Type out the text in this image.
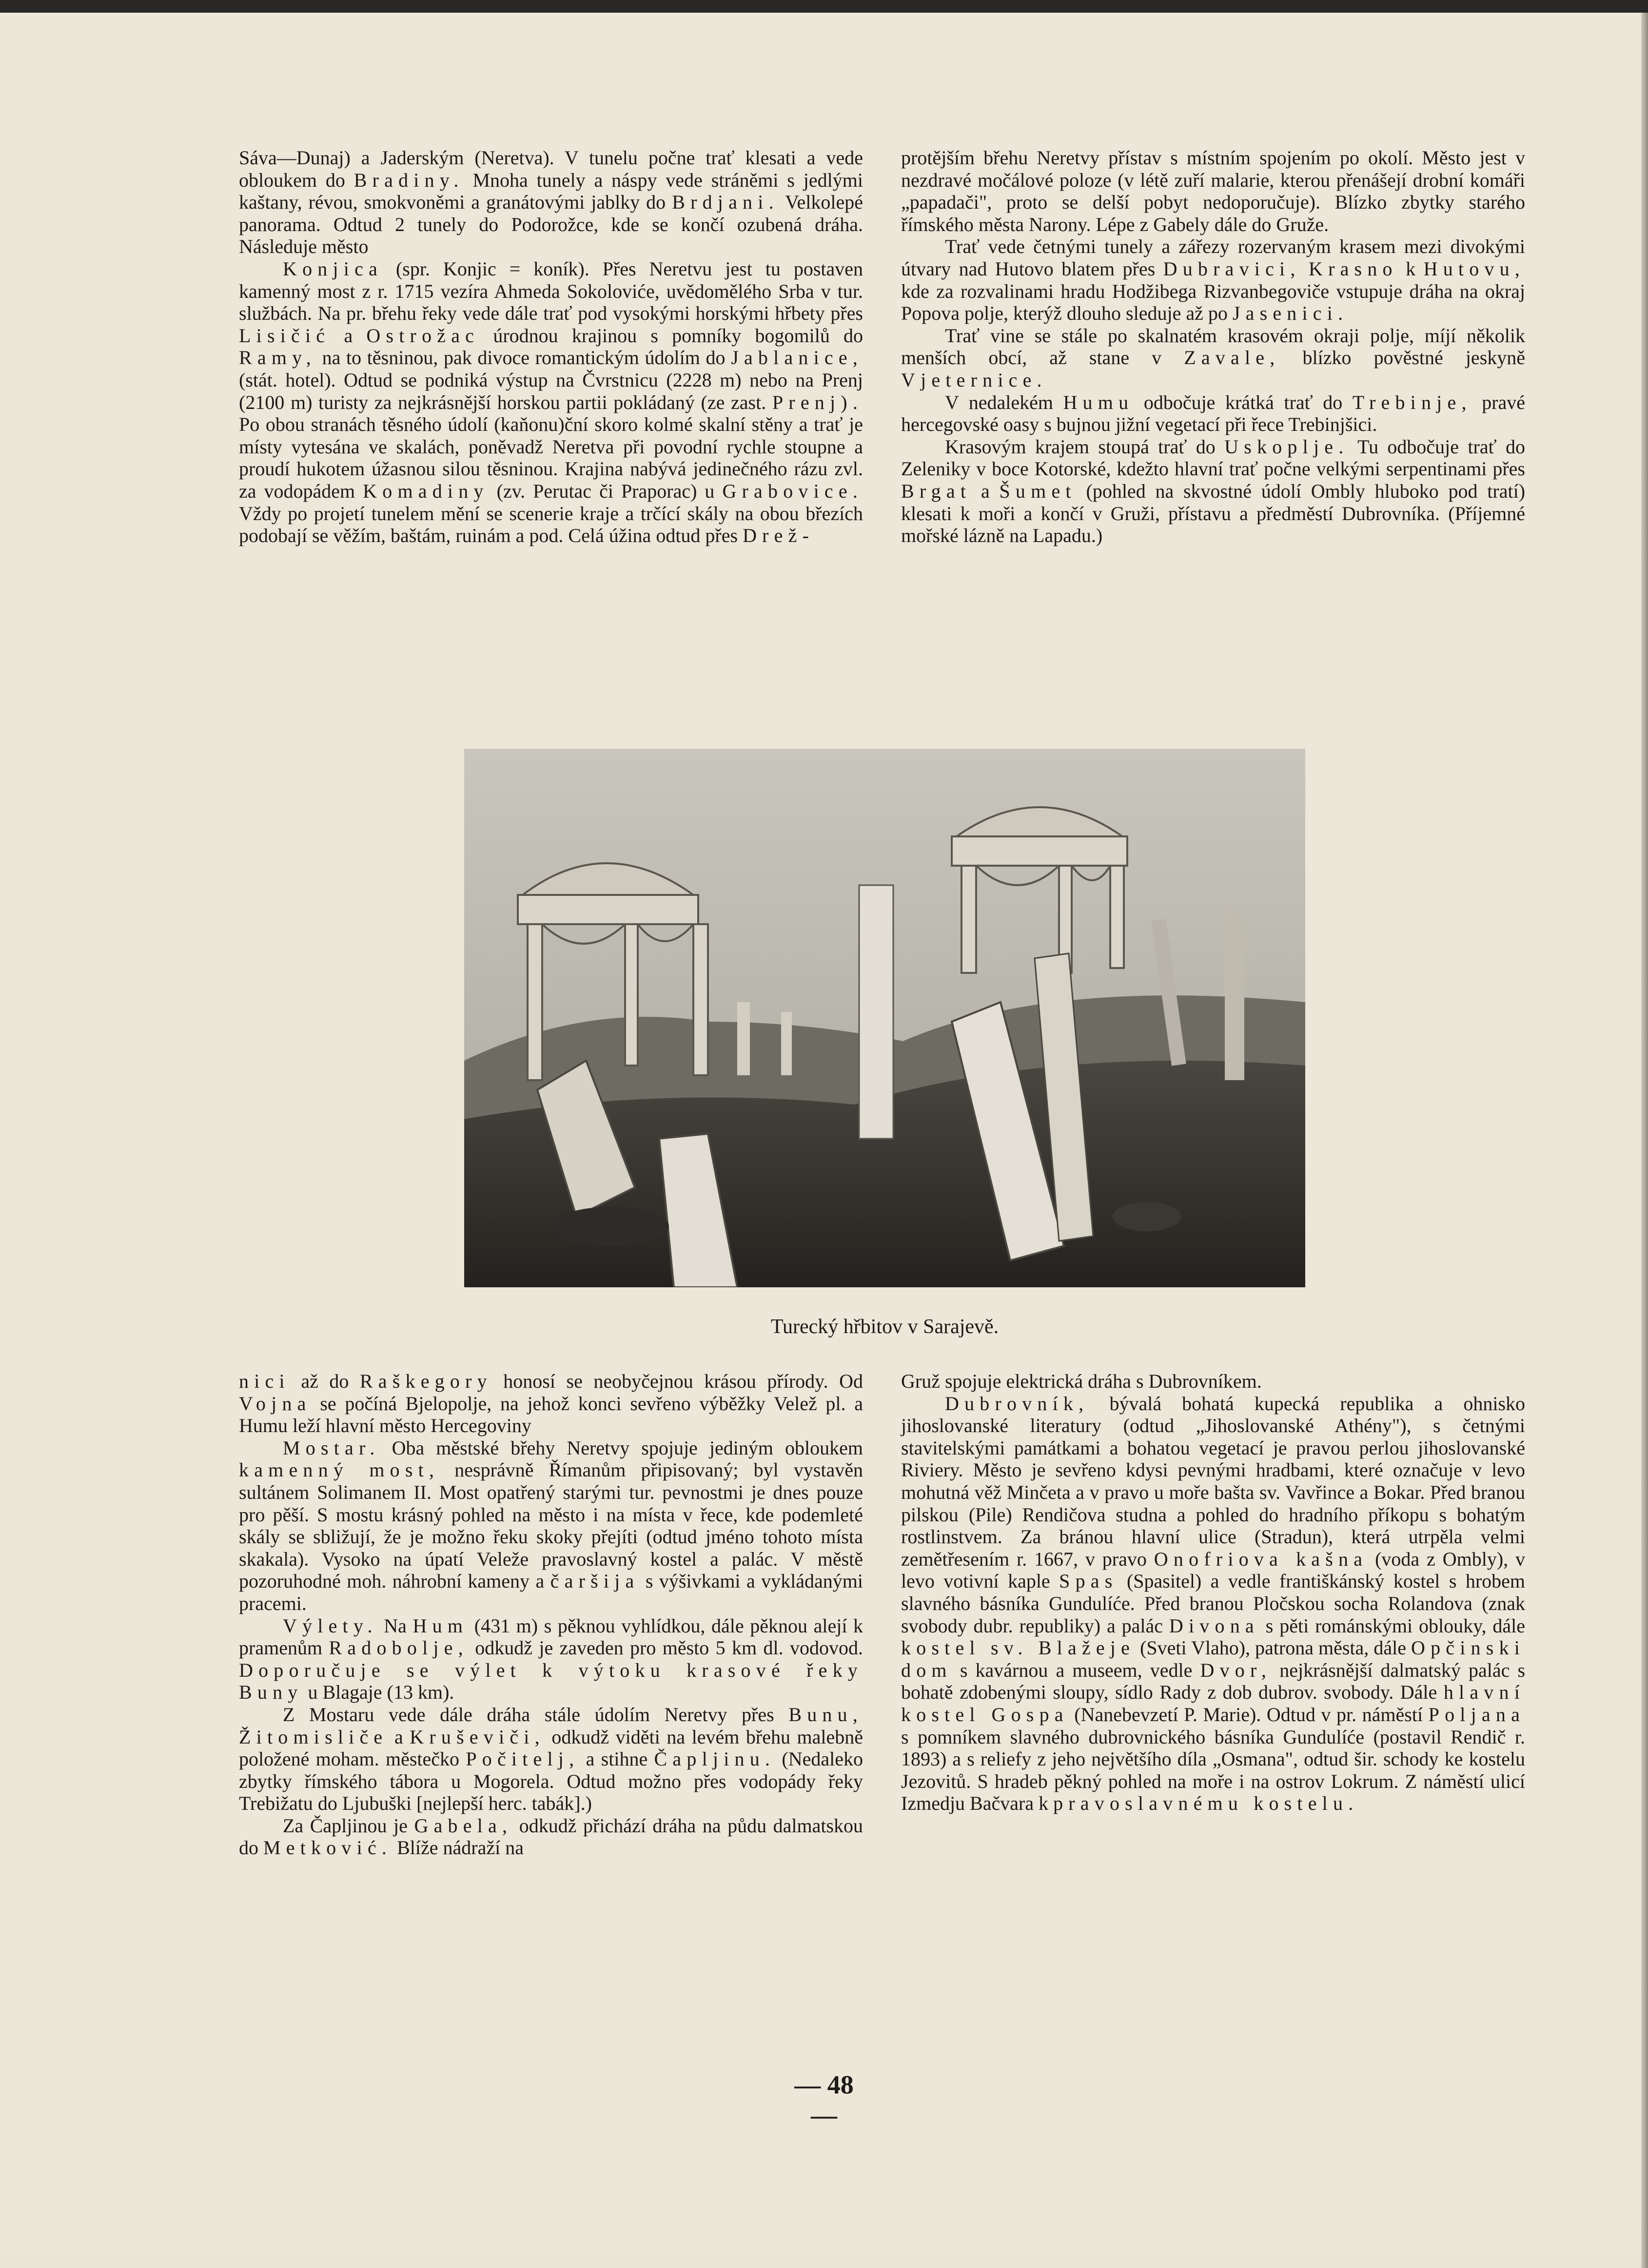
Sáva—Dunaj) a Jaderským (Neretva). V tunelu počne trať klesati a vede obloukem do Bradiny. Mnoha tunely a náspy vede stráněmi s jedlými kaštany, révou, smokvoněmi a granátovými jablky do Brdjani. Velkolepé panorama. Odtud 2 tunely do Podorožce, kde se končí ozubená dráha. Následuje město

Konjica (spr. Konjic = koník). Přes Neretvu jest tu postaven kamenný most z r. 1715 vezíra Ahmeda Sokoloviće, uvědomělého Srba v tur. službách. Na pr. břehu řeky vede dále trať pod vysokými horskými hřbety přes Lisičić a Ostrožac úrodnou krajinou s pomníky bogomilů do Ramy, na to těsninou, pak divoce romantickým údolím do Jablanice, (stát. hotel). Odtud se podniká výstup na Čvrstnicu (2228 m) nebo na Prenj (2100 m) turisty za nejkrásnější horskou partii pokládaný (ze zast. Prenj). Po obou stranách těsného údolí (kaňonu)ční skoro kolmé skalní stěny a trať je místy vytesána ve skalách, poněvadž Neretva při povodní rychle stoupne a proudí hukotem úžasnou silou těsninou. Krajina nabývá jedinečného rázu zvl. za vodopádem Komadiny (zv. Perutac či Praporac) u Grabovice. Vždy po projetí tunelem mění se scenerie kraje a trčící skály na obou březích podobají se věžím, baštám, ruinám a pod. Celá úžina odtud přes Drež-

protějším břehu Neretvy přístav s místním spojením po okolí. Město jest v nezdravé močálové poloze (v létě zuří malarie, kterou přenášejí drobní komáři „papadači", proto se delší pobyt nedoporučuje). Blízko zbytky starého římského města Narony. Lépe z Gabely dále do Gruže.

Trať vede četnými tunely a zářezy rozervaným krasem mezi divokými útvary nad Hutovo blatem přes Dubravici, Krasno k Hutovu, kde za rozvalinami hradu Hodžibega Rizvanbegoviče vstupuje dráha na okraj Popova polje, kterýž dlouho sleduje až po Jasenici.

Trať vine se stále po skalnatém krasovém okraji polje, míjí několik menších obcí, až stane v Zavale, blízko pověstné jeskyně Vjeternice.

V nedalekém Humu odbočuje krátká trať do Trebinje, pravé hercegovské oasy s bujnou jižní vegetací při řece Trebinjšici.

Krasovým krajem stoupá trať do Uskoplje. Tu odbočuje trať do Zeleniky v boce Kotorské, kdežto hlavní trať počne velkými serpentinami přes Brgat a Šumet (pohled na skvostné údolí Ombly hluboko pod tratí) klesati k moři a končí v Gruži, přístavu a předměstí Dubrovníka. (Příjemné mořské lázně na Lapadu.)

Turecký hřbitov v Sarajevě.

nici až do Raškegory honosí se neobyčejnou krásou přírody. Od Vojna se počíná Bjelopolje, na jehož konci sevřeno výběžky Velež pl. a Humu leží hlavní město Hercegoviny

Mostar. Oba městské břehy Neretvy spojuje jediným obloukem kamenný most, nesprávně Římanům připisovaný; byl vystavěn sultánem Solimanem II. Most opatřený starými tur. pevnostmi je dnes pouze pro pěší. S mostu krásný pohled na město i na místa v řece, kde podemleté skály se sbližují, že je možno řeku skoky přejíti (odtud jméno tohoto místa skakala). Vysoko na úpatí Veleže pravoslavný kostel a palác. V městě pozoruhodné moh. náhrobní kameny a čaršija s výšivkami a vykládanými pracemi.

Výlety. Na Hum (431 m) s pěknou vyhlídkou, dále pěknou alejí k pramenům Radobolje, odkudž je zaveden pro město 5 km dl. vodovod. Doporučuje se výlet k výtoku krasové řeky Buny u Blagaje (13 km).

Z Mostaru vede dále dráha stále údolím Neretvy přes Bunu, Žitomisliče a Kruševiči, odkudž viděti na levém břehu malebně položené moham. městečko Počitelj, a stihne Čapljinu. (Nedaleko zbytky římského tábora u Mogorela. Odtud možno přes vodopády řeky Trebižatu do Ljubuški [nejlepší herc. tabák].)

Za Čapljinou je Gabela, odkudž přichází dráha na půdu dalmatskou do Metković. Blíže nádraží na

Gruž spojuje elektrická dráha s Dubrovníkem.

Dubrovník, bývalá bohatá kupecká republika a ohnisko jihoslovanské literatury (odtud „Jihoslovanské Athény"), s četnými stavitelskými památkami a bohatou vegetací je pravou perlou jihoslovanské Riviery. Město je sevřeno kdysi pevnými hradbami, které označuje v levo mohutná věž Minčeta a v pravo u moře bašta sv. Vavřince a Bokar. Před branou pilskou (Pile) Rendičova studna a pohled do hradního příkopu s bohatým rostlinstvem. Za bránou hlavní ulice (Stradun), která utrpěla velmi zemětřesením r. 1667, v pravo Onofriova kašna (voda z Ombly), v levo votivní kaple Spas (Spasitel) a vedle františkánský kostel s hrobem slavného básníka Gundulíće. Před branou Pločskou socha Rolandova (znak svobody dubr. republiky) a palác Divona s pěti románskými oblouky, dále kostel sv. Blažeje (Sveti Vlaho), patrona města, dále Opčinski dom s kavárnou a museem, vedle Dvor, nejkrásnější dalmatský palác s bohatě zdobenými sloupy, sídlo Rady z dob dubrov. svobody. Dále hlavní kostel Gospa (Nanebevzetí P. Marie). Odtud v pr. náměstí Poljana s pomníkem slavného dubrovnického básníka Gundulíće (postavil Rendič r. 1893) a s reliefy z jeho největšího díla „Osmana", odtud šir. schody ke kostelu Jezovitů. S hradeb pěkný pohled na moře i na ostrov Lokrum. Z náměstí ulicí Izmedju Bačvara k pravoslavnému kostelu.

— 48 —
